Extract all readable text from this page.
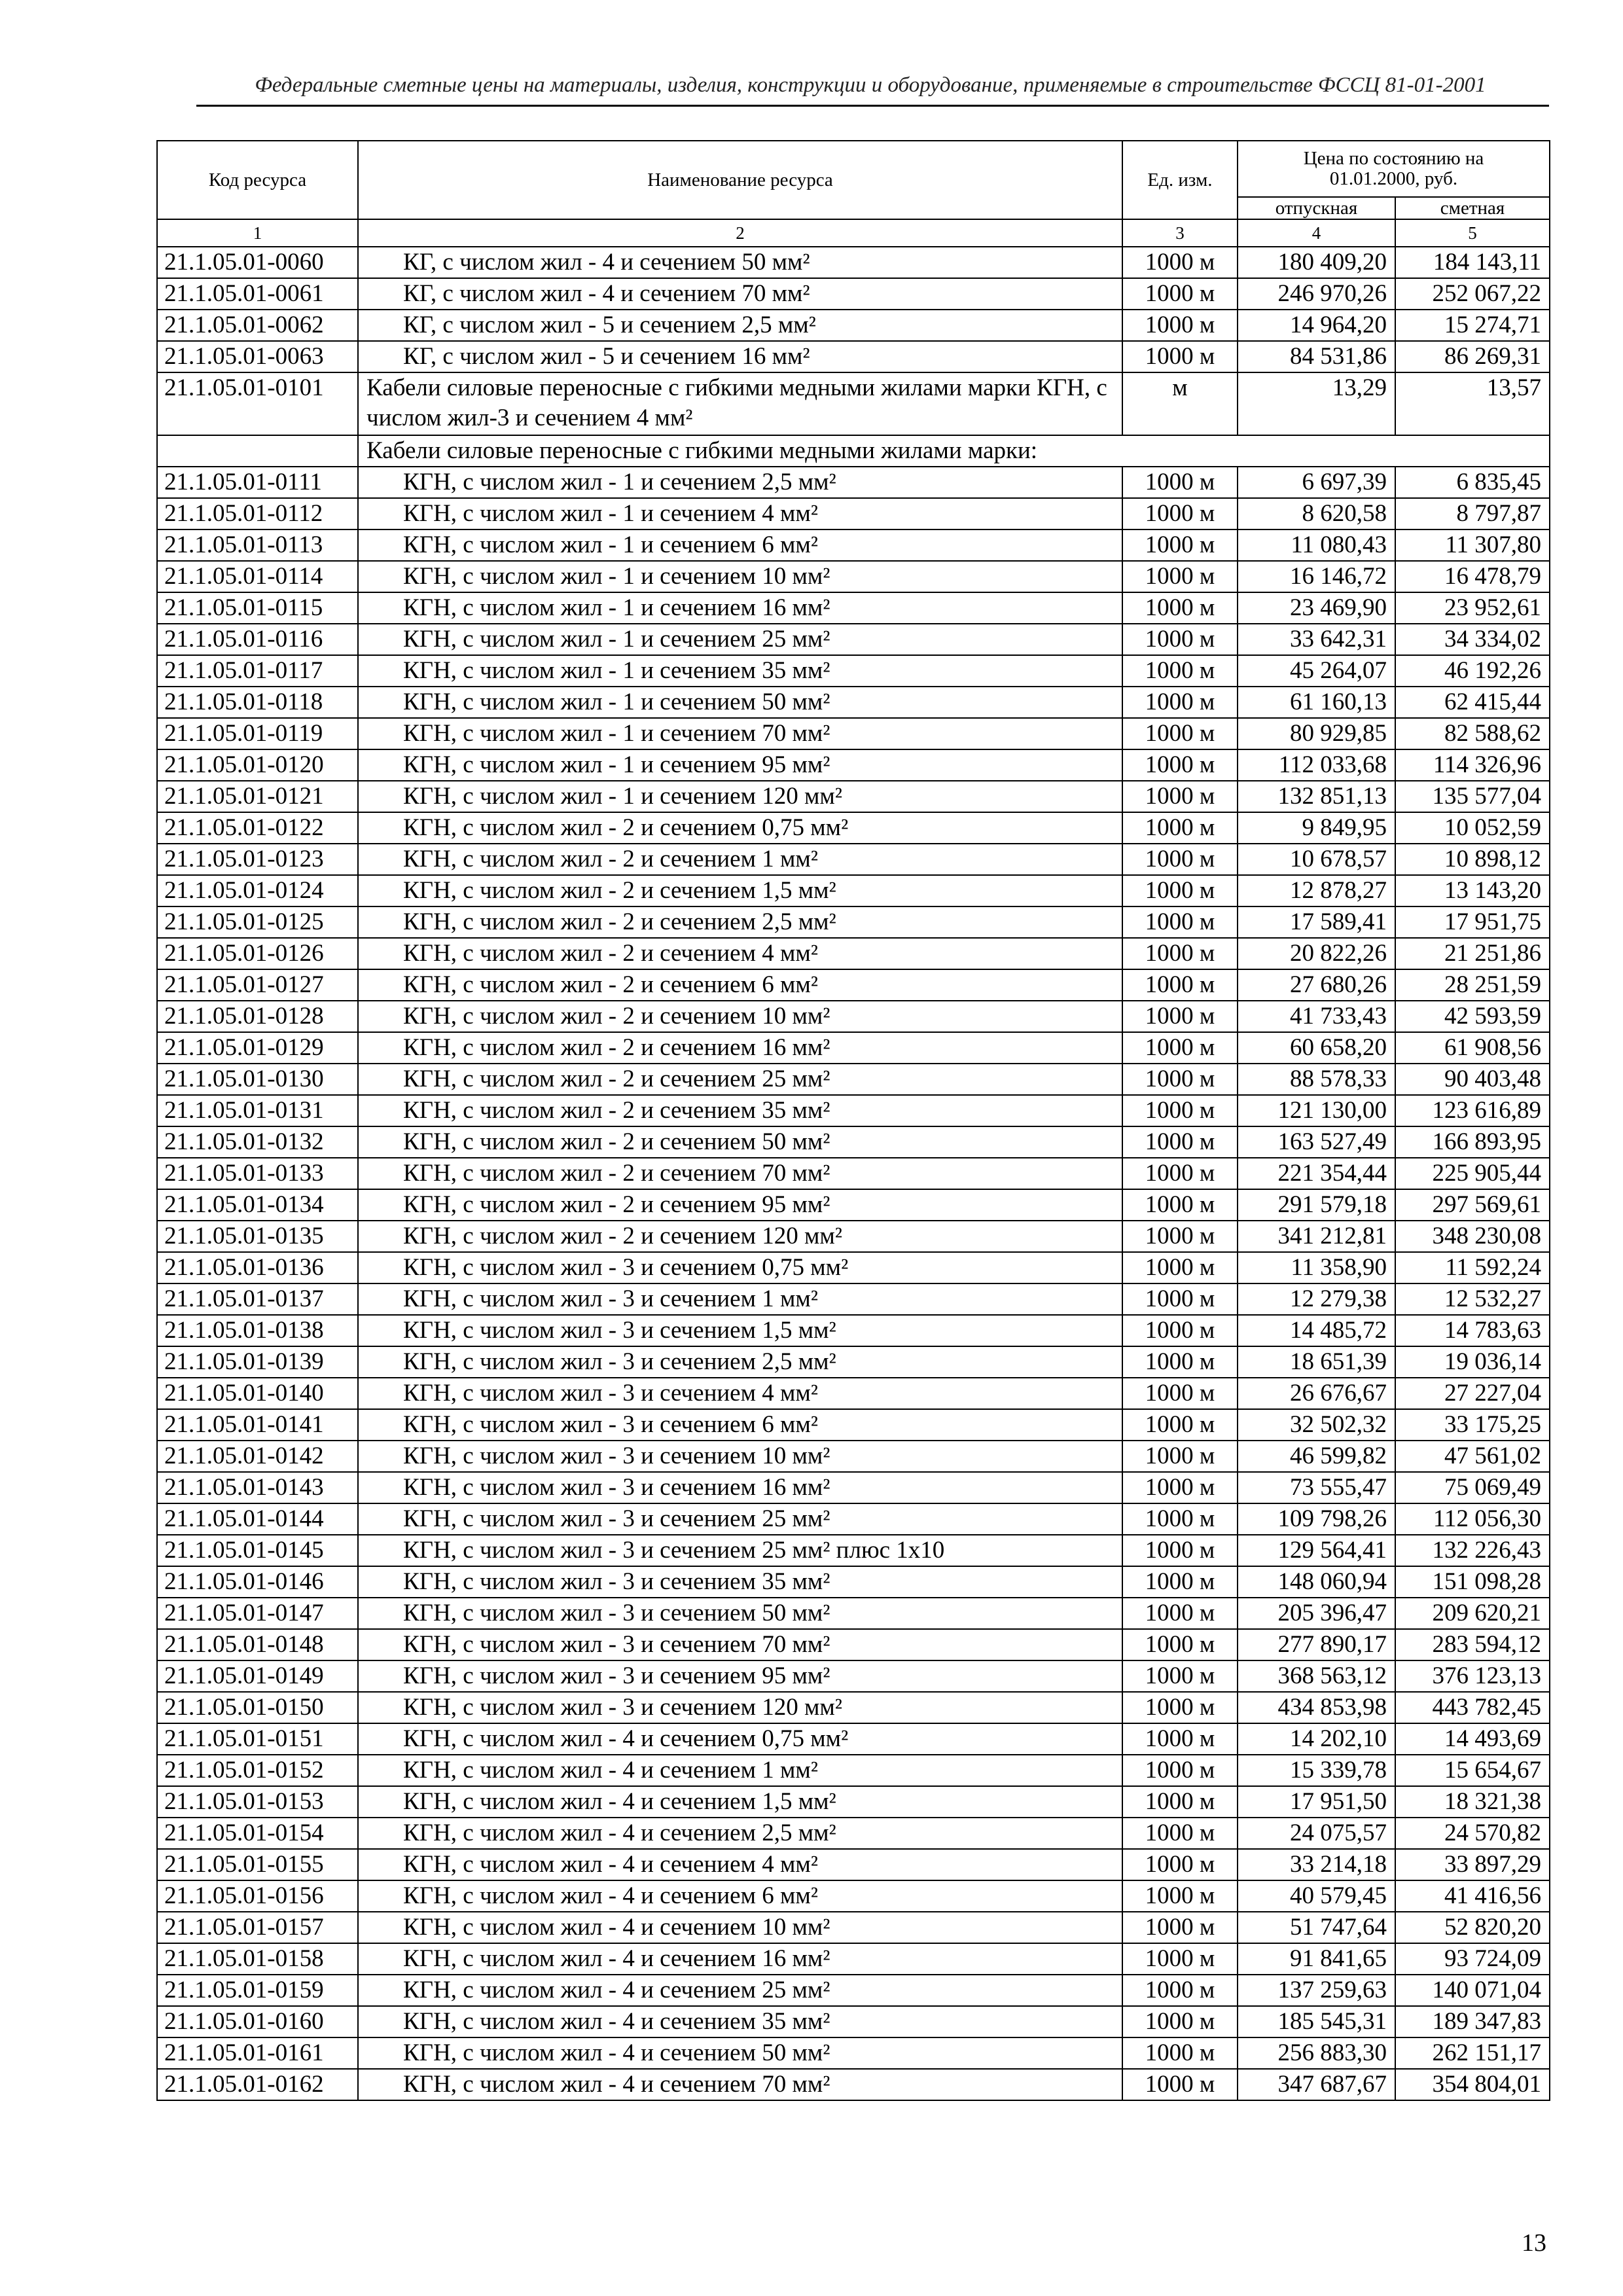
Федеральные сметные цены на материалы, изделия, конструкции и оборудование, применяемые в строительстве ФССЦ 81-01-2001
Код ресурса	Наименование ресурса	Ед. изм.	Цена по состоянию на 01.01.2000, руб.	
			отпускная	сметная
1	2	3	4	5
21.1.05.01-0060	КГ, с числом жил - 4 и сечением 50 мм²	1000 м	180 409,20	184 143,11
21.1.05.01-0061	КГ, с числом жил - 4 и сечением 70 мм²	1000 м	246 970,26	252 067,22
21.1.05.01-0062	КГ, с числом жил - 5 и сечением 2,5 мм²	1000 м	14 964,20	15 274,71
21.1.05.01-0063	КГ, с числом жил - 5 и сечением 16 мм²	1000 м	84 531,86	86 269,31
21.1.05.01-0101	Кабели силовые переносные с гибкими медными жилами марки КГН, с числом жил-3 и сечением 4 мм²	м	13,29	13,57
	Кабели силовые переносные с гибкими медными жилами марки:			
21.1.05.01-0111	КГН, с числом жил - 1 и сечением 2,5 мм²	1000 м	6 697,39	6 835,45
21.1.05.01-0112	КГН, с числом жил - 1 и сечением 4 мм²	1000 м	8 620,58	8 797,87
21.1.05.01-0113	КГН, с числом жил - 1 и сечением 6 мм²	1000 м	11 080,43	11 307,80
21.1.05.01-0114	КГН, с числом жил - 1 и сечением 10 мм²	1000 м	16 146,72	16 478,79
21.1.05.01-0115	КГН, с числом жил - 1 и сечением 16 мм²	1000 м	23 469,90	23 952,61
21.1.05.01-0116	КГН, с числом жил - 1 и сечением 25 мм²	1000 м	33 642,31	34 334,02
21.1.05.01-0117	КГН, с числом жил - 1 и сечением 35 мм²	1000 м	45 264,07	46 192,26
21.1.05.01-0118	КГН, с числом жил - 1 и сечением 50 мм²	1000 м	61 160,13	62 415,44
21.1.05.01-0119	КГН, с числом жил - 1 и сечением 70 мм²	1000 м	80 929,85	82 588,62
21.1.05.01-0120	КГН, с числом жил - 1 и сечением 95 мм²	1000 м	112 033,68	114 326,96
21.1.05.01-0121	КГН, с числом жил - 1 и сечением 120 мм²	1000 м	132 851,13	135 577,04
21.1.05.01-0122	КГН, с числом жил - 2 и сечением 0,75 мм²	1000 м	9 849,95	10 052,59
21.1.05.01-0123	КГН, с числом жил - 2 и сечением 1 мм²	1000 м	10 678,57	10 898,12
21.1.05.01-0124	КГН, с числом жил - 2 и сечением 1,5 мм²	1000 м	12 878,27	13 143,20
21.1.05.01-0125	КГН, с числом жил - 2 и сечением 2,5 мм²	1000 м	17 589,41	17 951,75
21.1.05.01-0126	КГН, с числом жил - 2 и сечением 4 мм²	1000 м	20 822,26	21 251,86
21.1.05.01-0127	КГН, с числом жил - 2 и сечением 6 мм²	1000 м	27 680,26	28 251,59
21.1.05.01-0128	КГН, с числом жил - 2 и сечением 10 мм²	1000 м	41 733,43	42 593,59
21.1.05.01-0129	КГН, с числом жил - 2 и сечением 16 мм²	1000 м	60 658,20	61 908,56
21.1.05.01-0130	КГН, с числом жил - 2 и сечением 25 мм²	1000 м	88 578,33	90 403,48
21.1.05.01-0131	КГН, с числом жил - 2 и сечением 35 мм²	1000 м	121 130,00	123 616,89
21.1.05.01-0132	КГН, с числом жил - 2 и сечением 50 мм²	1000 м	163 527,49	166 893,95
21.1.05.01-0133	КГН, с числом жил - 2 и сечением 70 мм²	1000 м	221 354,44	225 905,44
21.1.05.01-0134	КГН, с числом жил - 2 и сечением 95 мм²	1000 м	291 579,18	297 569,61
21.1.05.01-0135	КГН, с числом жил - 2 и сечением 120 мм²	1000 м	341 212,81	348 230,08
21.1.05.01-0136	КГН, с числом жил - 3 и сечением 0,75 мм²	1000 м	11 358,90	11 592,24
21.1.05.01-0137	КГН, с числом жил - 3 и сечением 1 мм²	1000 м	12 279,38	12 532,27
21.1.05.01-0138	КГН, с числом жил - 3 и сечением 1,5 мм²	1000 м	14 485,72	14 783,63
21.1.05.01-0139	КГН, с числом жил - 3 и сечением 2,5 мм²	1000 м	18 651,39	19 036,14
21.1.05.01-0140	КГН, с числом жил - 3 и сечением 4 мм²	1000 м	26 676,67	27 227,04
21.1.05.01-0141	КГН, с числом жил - 3 и сечением 6 мм²	1000 м	32 502,32	33 175,25
21.1.05.01-0142	КГН, с числом жил - 3 и сечением 10 мм²	1000 м	46 599,82	47 561,02
21.1.05.01-0143	КГН, с числом жил - 3 и сечением 16 мм²	1000 м	73 555,47	75 069,49
21.1.05.01-0144	КГН, с числом жил - 3 и сечением 25 мм²	1000 м	109 798,26	112 056,30
21.1.05.01-0145	КГН, с числом жил - 3 и сечением 25 мм² плюс 1х10	1000 м	129 564,41	132 226,43
21.1.05.01-0146	КГН, с числом жил - 3 и сечением 35 мм²	1000 м	148 060,94	151 098,28
21.1.05.01-0147	КГН, с числом жил - 3 и сечением 50 мм²	1000 м	205 396,47	209 620,21
21.1.05.01-0148	КГН, с числом жил - 3 и сечением 70 мм²	1000 м	277 890,17	283 594,12
21.1.05.01-0149	КГН, с числом жил - 3 и сечением 95 мм²	1000 м	368 563,12	376 123,13
21.1.05.01-0150	КГН, с числом жил - 3 и сечением 120 мм²	1000 м	434 853,98	443 782,45
21.1.05.01-0151	КГН, с числом жил - 4 и сечением 0,75 мм²	1000 м	14 202,10	14 493,69
21.1.05.01-0152	КГН, с числом жил - 4 и сечением 1 мм²	1000 м	15 339,78	15 654,67
21.1.05.01-0153	КГН, с числом жил - 4 и сечением 1,5 мм²	1000 м	17 951,50	18 321,38
21.1.05.01-0154	КГН, с числом жил - 4 и сечением 2,5 мм²	1000 м	24 075,57	24 570,82
21.1.05.01-0155	КГН, с числом жил - 4 и сечением 4 мм²	1000 м	33 214,18	33 897,29
21.1.05.01-0156	КГН, с числом жил - 4 и сечением 6 мм²	1000 м	40 579,45	41 416,56
21.1.05.01-0157	КГН, с числом жил - 4 и сечением 10 мм²	1000 м	51 747,64	52 820,20
21.1.05.01-0158	КГН, с числом жил - 4 и сечением 16 мм²	1000 м	91 841,65	93 724,09
21.1.05.01-0159	КГН, с числом жил - 4 и сечением 25 мм²	1000 м	137 259,63	140 071,04
21.1.05.01-0160	КГН, с числом жил - 4 и сечением 35 мм²	1000 м	185 545,31	189 347,83
21.1.05.01-0161	КГН, с числом жил - 4 и сечением 50 мм²	1000 м	256 883,30	262 151,17
21.1.05.01-0162	КГН, с числом жил - 4 и сечением 70 мм²	1000 м	347 687,67	354 804,01
13
